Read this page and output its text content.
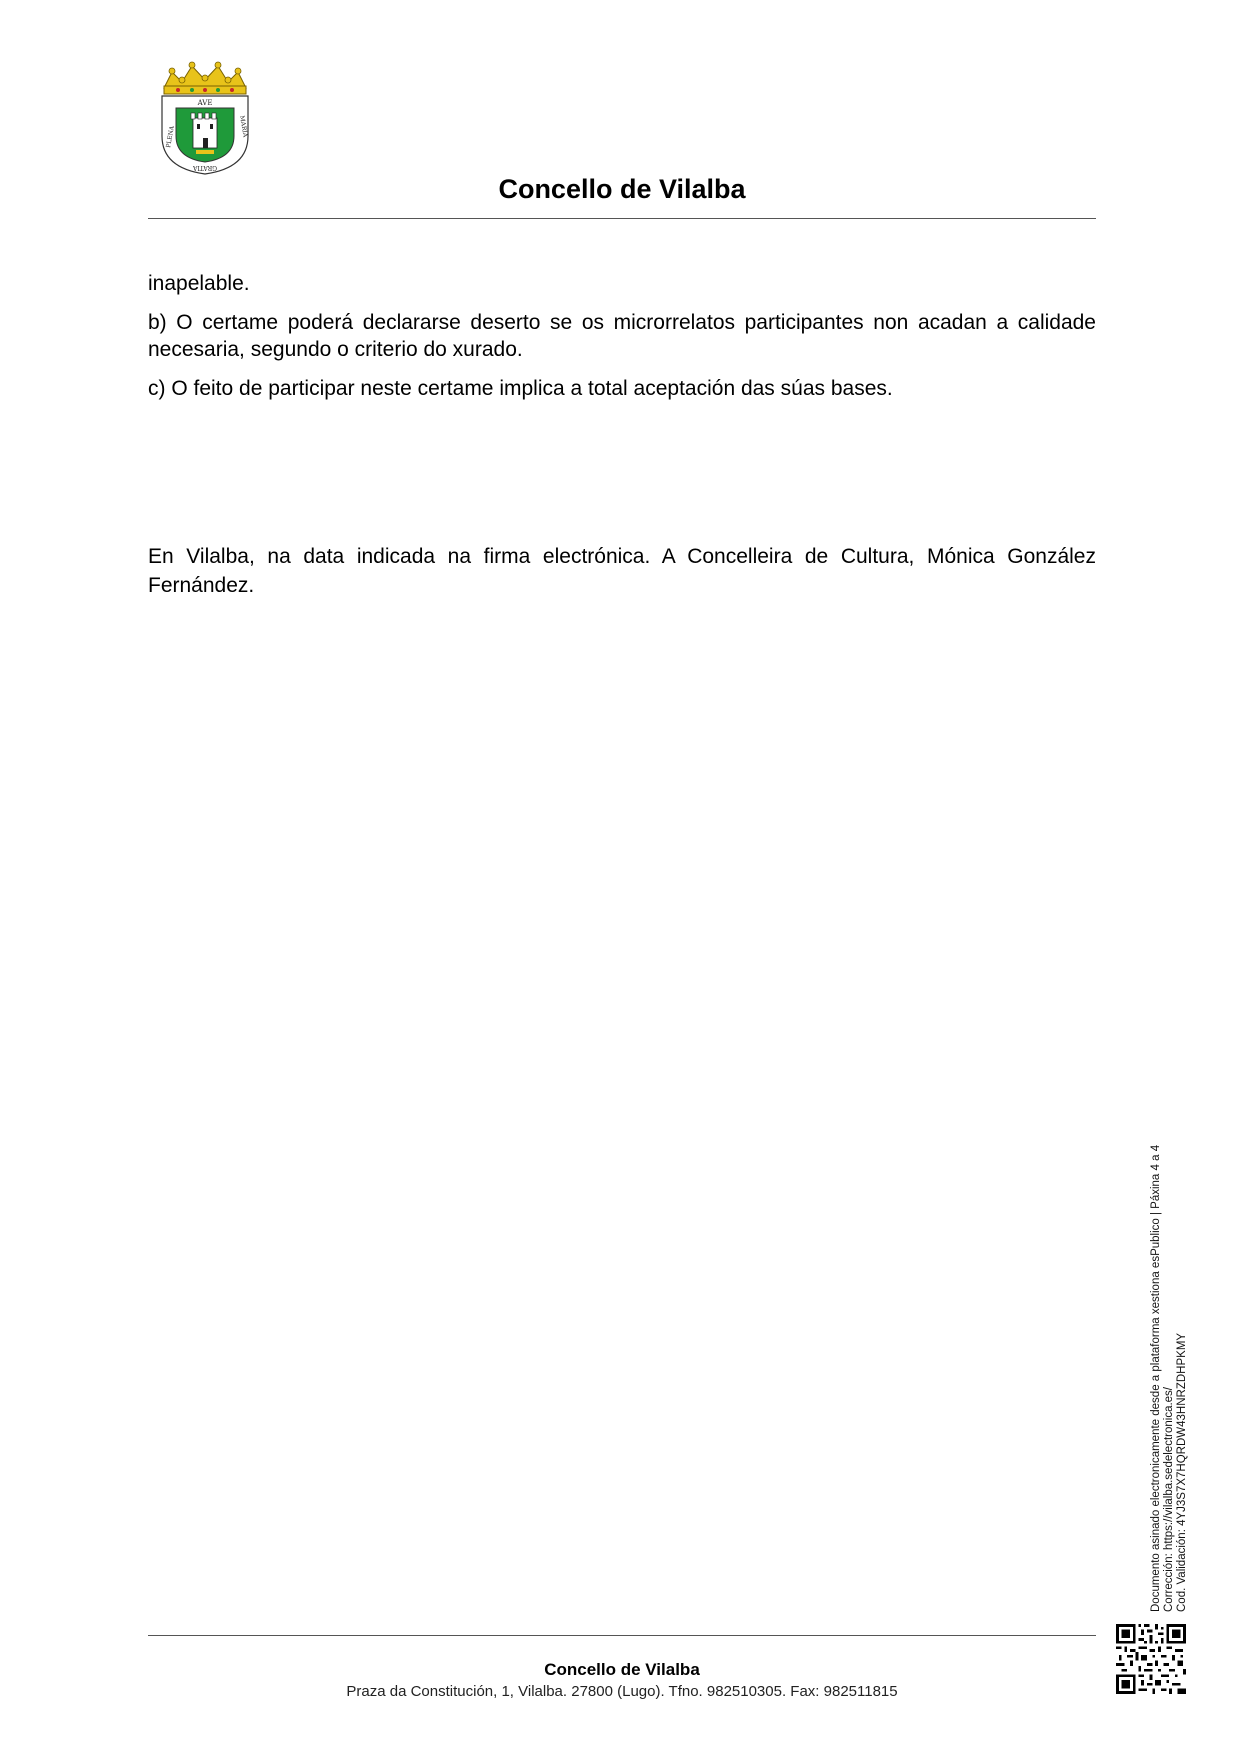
AVE
PLENA	MARIA
GRATIA
Concello de Vilalba

inapelable.

b) O certame poderá declararse deserto se os microrrelatos participantes non acadan a calidade necesaria, segundo o criterio do xurado.

c) O feito de participar neste certame implica a total aceptación das súas bases.

En Vilalba, na data indicada na firma electrónica. A Concelleira de Cultura, Mónica González Fernández.

Documento asinado electronicamente desde a plataforma xestiona esPublico | Páxina 4 a 4 Corrección: https://vilalba.sedelectronica.es/ Cod. Validación: 4YJ3S7X7HQRDW43HNRZDHPKMY
Concello de Vilalba
Praza da Constitución, 1, Vilalba. 27800 (Lugo). Tfno. 982510305. Fax: 982511815
